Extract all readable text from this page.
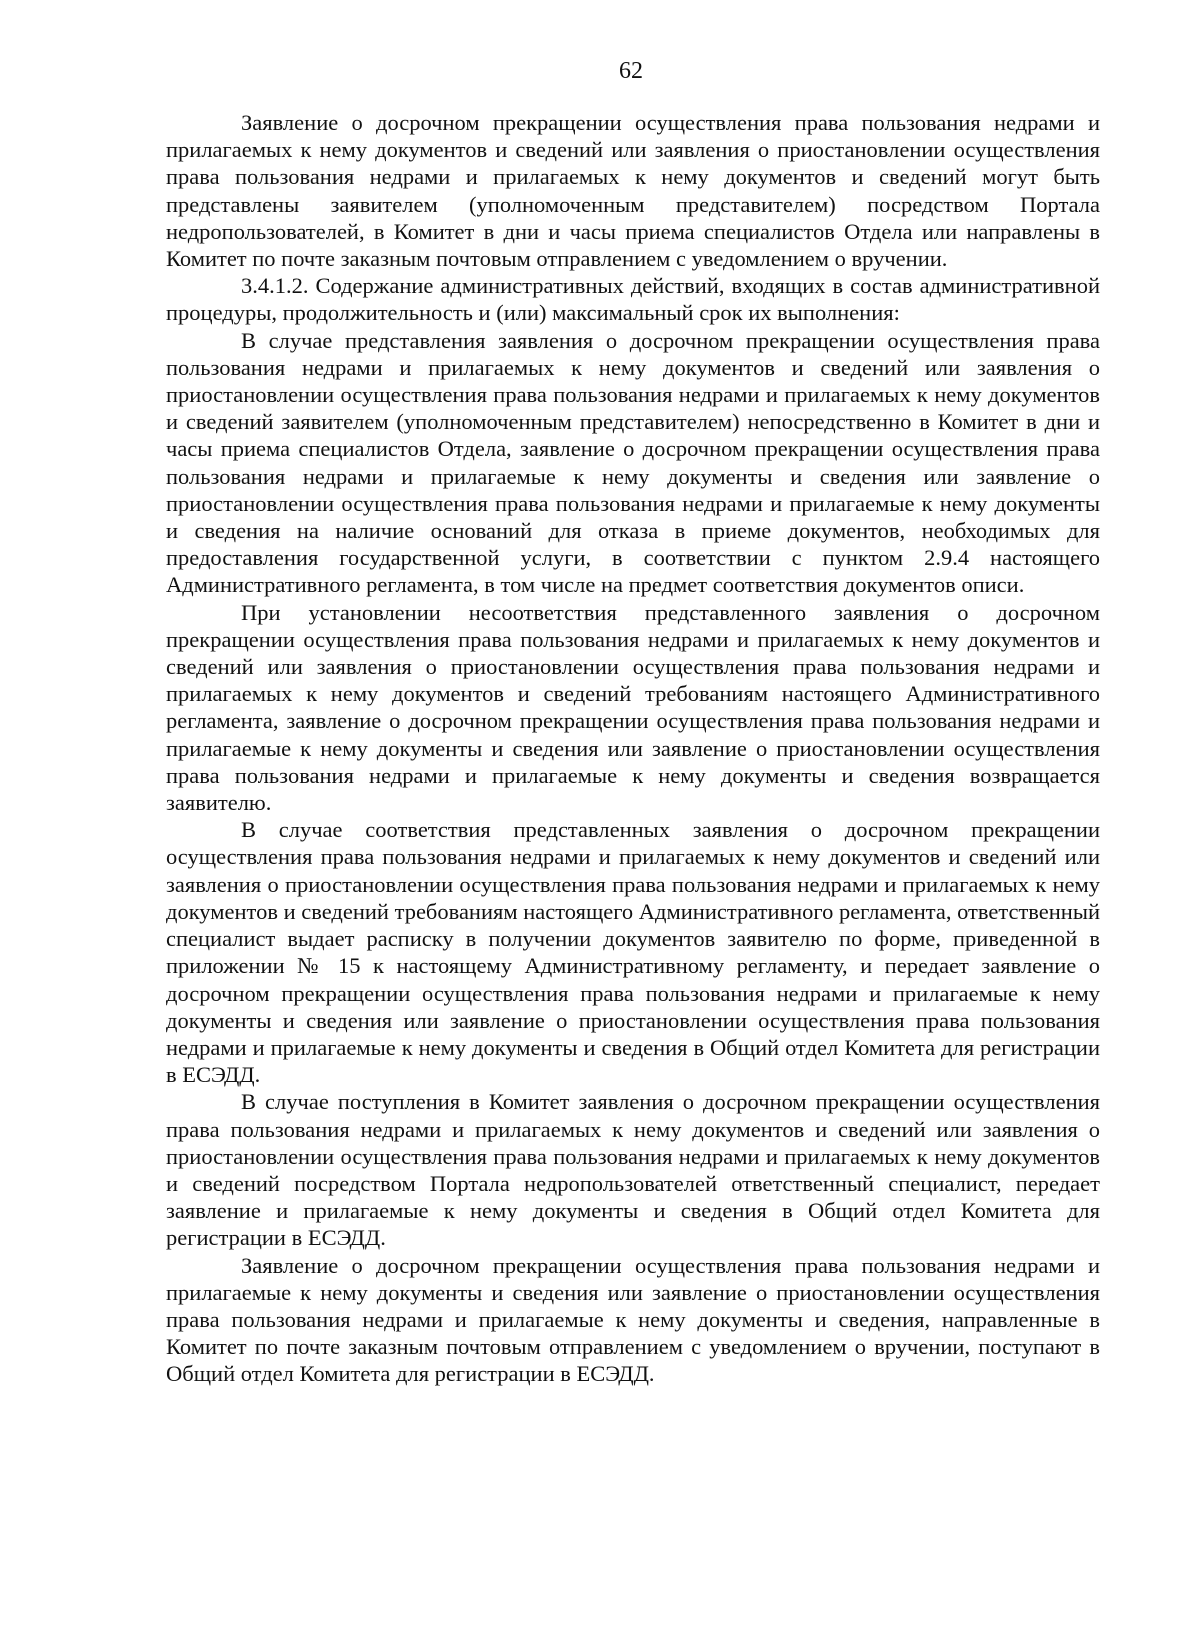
62

Заявление о досрочном прекращении осуществления права пользования недрами и прилагаемых к нему документов и сведений или заявления о приостановлении осуществления права пользования недрами и прилагаемых к нему документов и сведений могут быть представлены заявителем (уполномоченным представителем) посредством Портала недропользователей, в Комитет в дни и часы приема специалистов Отдела или направлены в Комитет по почте заказным почтовым отправлением с уведомлением о вручении.

3.4.1.2. Содержание административных действий, входящих в состав административной процедуры, продолжительность и (или) максимальный срок их выполнения:

В случае представления заявления о досрочном прекращении осуществления права пользования недрами и прилагаемых к нему документов и сведений или заявления о приостановлении осуществления права пользования недрами и прилагаемых к нему документов и сведений заявителем (уполномоченным представителем) непосредственно в Комитет в дни и часы приема специалистов Отдела, заявление о досрочном прекращении осуществления права пользования недрами и прилагаемые к нему документы и сведения или заявление о приостановлении осуществления права пользования недрами и прилагаемые к нему документы и сведения на наличие оснований для отказа в приеме документов, необходимых для предоставления государственной услуги, в соответствии с пунктом 2.9.4 настоящего Административного регламента, в том числе на предмет соответствия документов описи.

При установлении несоответствия представленного заявления о досрочном прекращении осуществления права пользования недрами и прилагаемых к нему документов и сведений или заявления о приостановлении осуществления права пользования недрами и прилагаемых к нему документов и сведений требованиям настоящего Административного регламента, заявление о досрочном прекращении осуществления права пользования недрами и прилагаемые к нему документы и сведения или заявление о приостановлении осуществления права пользования недрами и прилагаемые к нему документы и сведения возвращается заявителю.

В случае соответствия представленных заявления о досрочном прекращении осуществления права пользования недрами и прилагаемых к нему документов и сведений или заявления о приостановлении осуществления права пользования недрами и прилагаемых к нему документов и сведений требованиям настоящего Административного регламента, ответственный специалист выдает расписку в получении документов заявителю по форме, приведенной в приложении № 15 к настоящему Административному регламенту, и передает заявление о досрочном прекращении осуществления права пользования недрами и прилагаемые к нему документы и сведения или заявление о приостановлении осуществления права пользования недрами и прилагаемые к нему документы и сведения в Общий отдел Комитета для регистрации в ЕСЭДД.

В случае поступления в Комитет заявления о досрочном прекращении осуществления права пользования недрами и прилагаемых к нему документов и сведений или заявления о приостановлении осуществления права пользования недрами и прилагаемых к нему документов и сведений посредством Портала недропользователей ответственный специалист, передает заявление и прилагаемые к нему документы и сведения в Общий отдел Комитета для регистрации в ЕСЭДД.

Заявление о досрочном прекращении осуществления права пользования недрами и прилагаемые к нему документы и сведения или заявление о приостановлении осуществления права пользования недрами и прилагаемые к нему документы и сведения, направленные в Комитет по почте заказным почтовым отправлением с уведомлением о вручении, поступают в Общий отдел Комитета для регистрации в ЕСЭДД.
